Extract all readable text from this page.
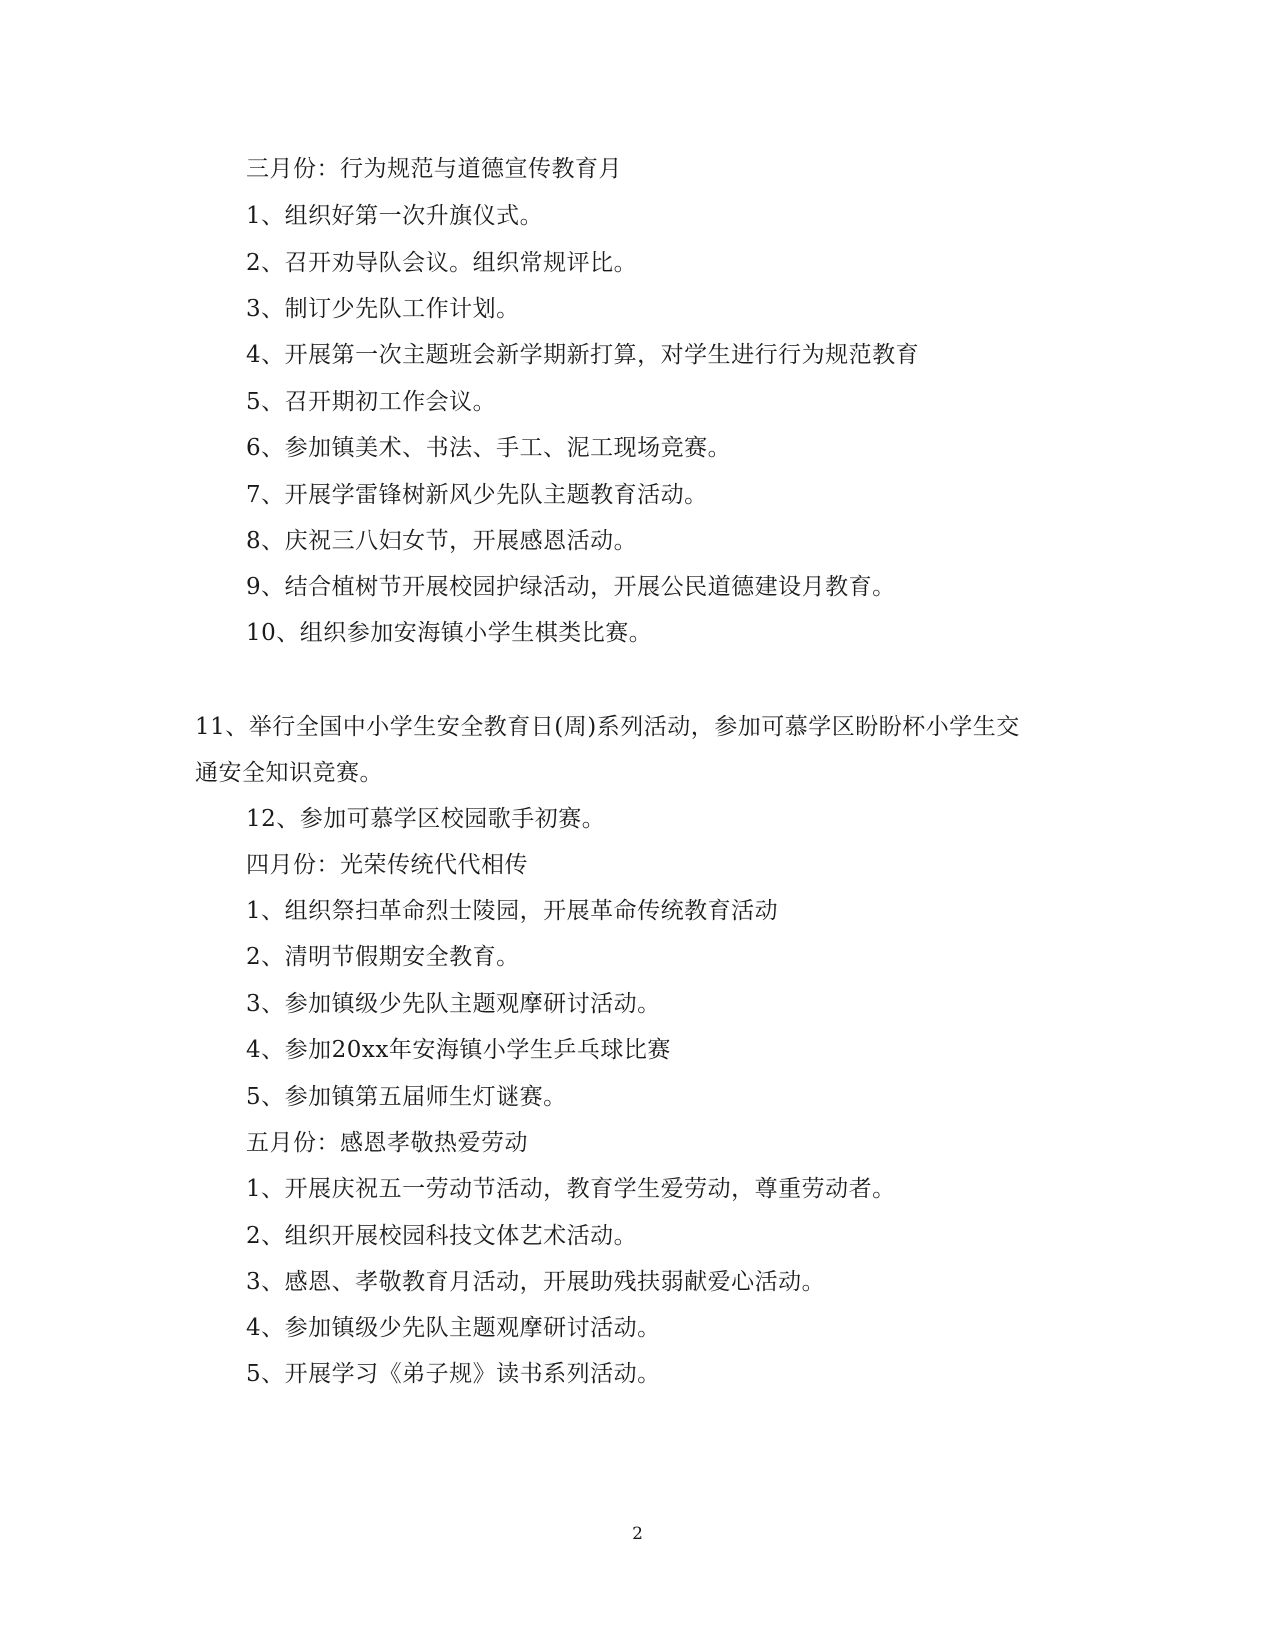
三月份：行为规范与道德宣传教育月
1、组织好第一次升旗仪式。
2、召开劝导队会议。组织常规评比。
3、制订少先队工作计划。
4、开展第一次主题班会新学期新打算，对学生进行行为规范教育
5、召开期初工作会议。
6、参加镇美术、书法、手工、泥工现场竞赛。
7、开展学雷锋树新风少先队主题教育活动。
8、庆祝三八妇女节，开展感恩活动。
9、结合植树节开展校园护绿活动，开展公民道德建设月教育。
10、组织参加安海镇小学生棋类比赛。
11、举行全国中小学生安全教育日(周)系列活动，参加可慕学区盼盼杯小学生交
通安全知识竞赛。
12、参加可慕学区校园歌手初赛。
四月份：光荣传统代代相传
1、组织祭扫革命烈士陵园，开展革命传统教育活动
2、清明节假期安全教育。
3、参加镇级少先队主题观摩研讨活动。
4、参加20xx年安海镇小学生乒乓球比赛
5、参加镇第五届师生灯谜赛。
五月份：感恩孝敬热爱劳动
1、开展庆祝五一劳动节活动，教育学生爱劳动，尊重劳动者。
2、组织开展校园科技文体艺术活动。
3、感恩、孝敬教育月活动，开展助残扶弱献爱心活动。
4、参加镇级少先队主题观摩研讨活动。
5、开展学习《弟子规》读书系列活动。
2
